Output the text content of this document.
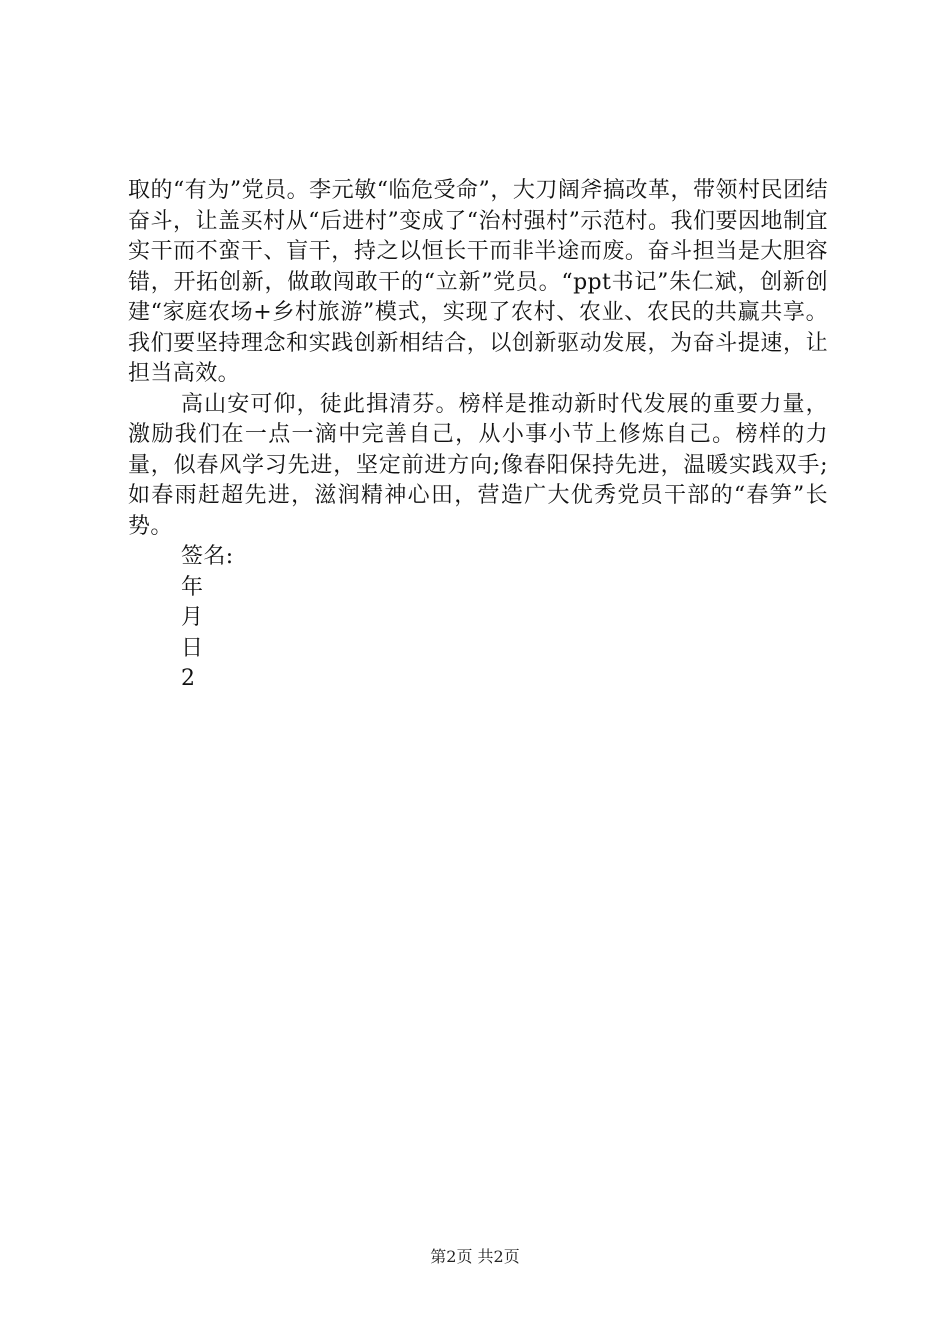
取的“有为”党员。李元敏“临危受命”，大刀阔斧搞改革，带领村民团结奋斗，让盖买村从“后进村”变成了“治村强村”示范村。我们要因地制宜实干而不蛮干、盲干，持之以恒长干而非半途而废。奋斗担当是大胆容错，开拓创新，做敢闯敢干的“立新”党员。“ppt书记”朱仁斌，创新创建“家庭农场+乡村旅游”模式，实现了农村、农业、农民的共赢共享。我们要坚持理念和实践创新相结合，以创新驱动发展，为奋斗提速，让担当高效。

高山安可仰，徒此揖清芬。榜样是推动新时代发展的重要力量，激励我们在一点一滴中完善自己，从小事小节上修炼自己。榜样的力量，似春风学习先进，坚定前进方向;像春阳保持先进，温暖实践双手;如春雨赶超先进，滋润精神心田，营造广大优秀党员干部的“春笋”长势。

签名:
年
月
日
2
第2页 共2页
